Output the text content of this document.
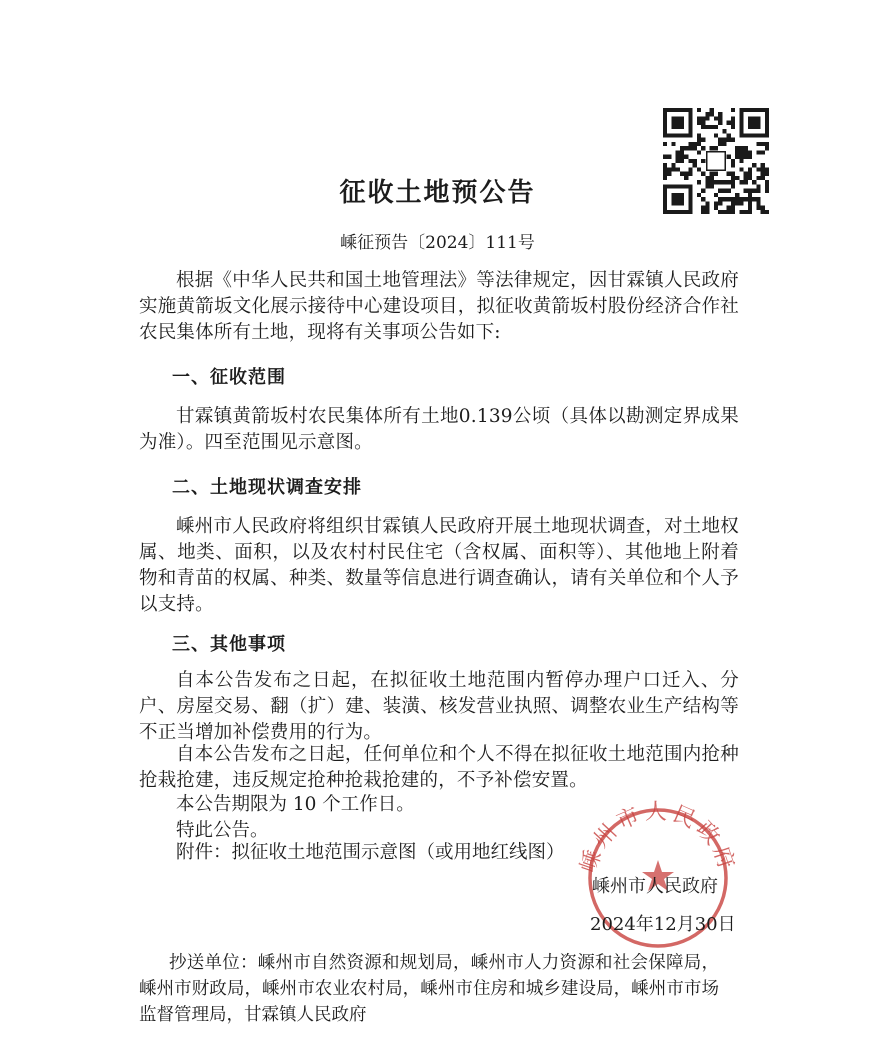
征收土地预公告

嵊征预告〔2024〕111号

根据《中华人民共和国土地管理法》等法律规定，因甘霖镇人民政府实施黄箭坂文化展示接待中心建设项目，拟征收黄箭坂村股份经济合作社农民集体所有土地，现将有关事项公告如下:

一、征收范围

甘霖镇黄箭坂村农民集体所有土地0.139公顷（具体以勘测定界成果为准）。四至范围见示意图。

二、土地现状调查安排

嵊州市人民政府将组织甘霖镇人民政府开展土地现状调查，对土地权属、地类、面积，以及农村村民住宅（含权属、面积等）、其他地上附着物和青苗的权属、种类、数量等信息进行调查确认，请有关单位和个人予以支持。

三、其他事项

自本公告发布之日起，在拟征收土地范围内暂停办理户口迁入、分户、房屋交易、翻（扩）建、装潢、核发营业执照、调整农业生产结构等不正当增加补偿费用的行为。

自本公告发布之日起，任何单位和个人不得在拟征收土地范围内抢种抢栽抢建，违反规定抢种抢栽抢建的，不予补偿安置。

本公告期限为 10 个工作日。

特此公告。

附件：拟征收土地范围示意图（或用地红线图） 嵊州市人民政府

嵊州市人民政府

2024年12月30日

抄送单位：嵊州市自然资源和规划局，嵊州市人力资源和社会保障局，嵊州市财政局，嵊州市农业农村局，嵊州市住房和城乡建设局，嵊州市市场监督管理局，甘霖镇人民政府
